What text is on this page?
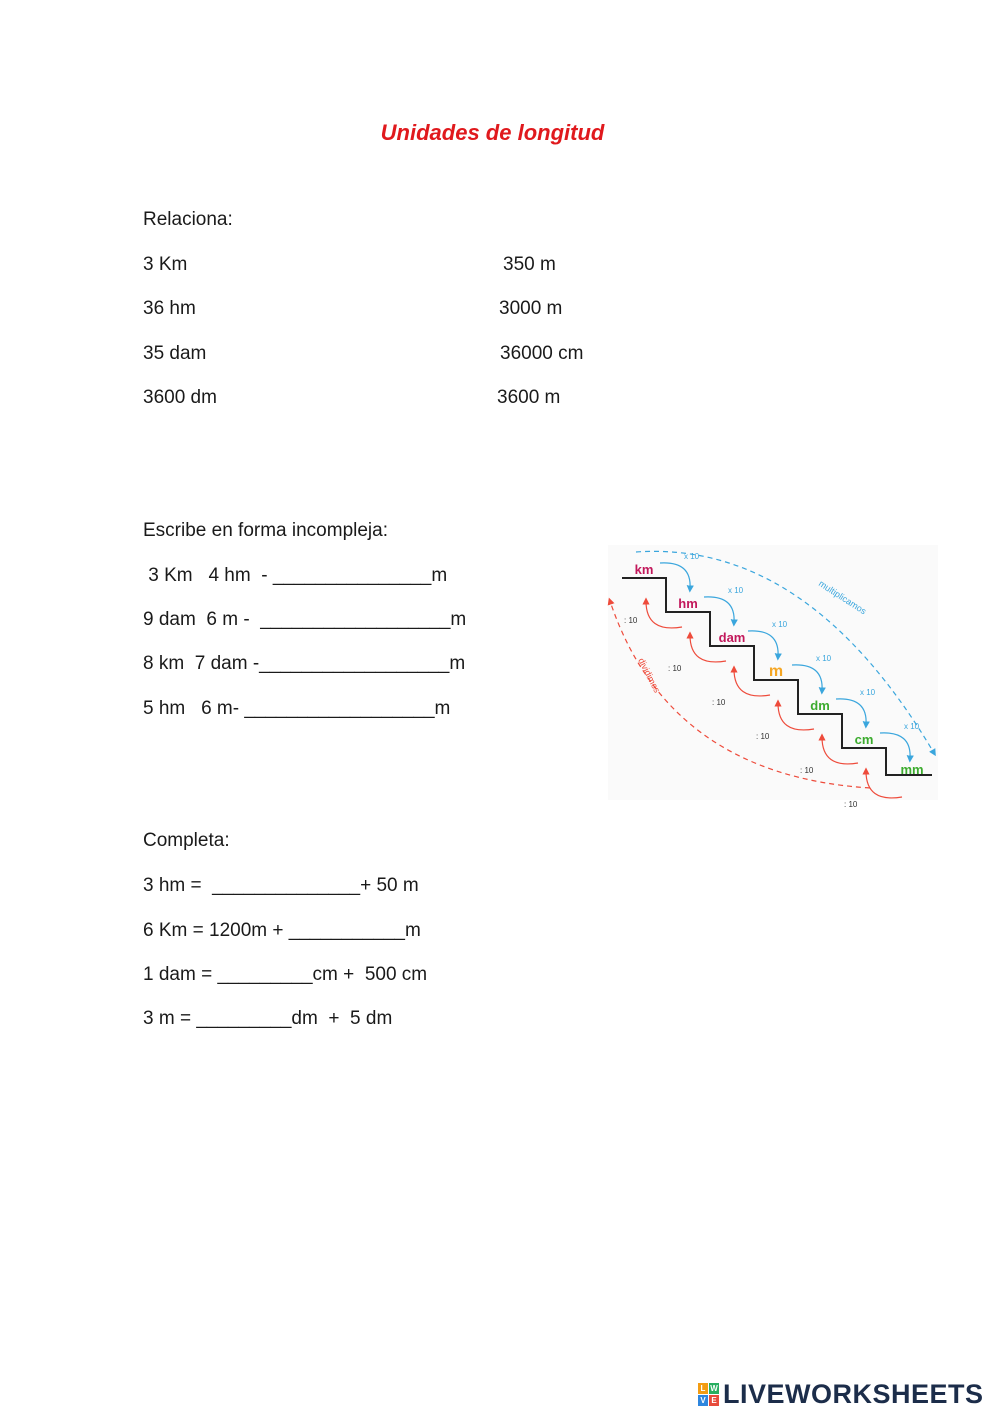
Unidades de longitud
Relaciona:
3 Km
36 hm
35 dam
3600 dm
350 m
3000 m
36000 cm
3600 m
Escribe en forma incompleja:
3 Km   4 hm  - _______________m
9 dam  6 m -  __________________m
8 km  7 dam -__________________m
5 hm   6 m- __________________m
km
hm
dam
m
dm
cm
mm
x 10
x 10
x 10
x 10
x 10
x 10
: 10
: 10
: 10
: 10
: 10
: 10
multiplicamos
dividimos
Completa:
3 hm =  ______________+ 50 m
6 Km = 1200m + ___________m
1 dam = _________cm +  500 cm
3 m = _________dm  +  5 dm
L W
V E LIVEWORKSHEETS
